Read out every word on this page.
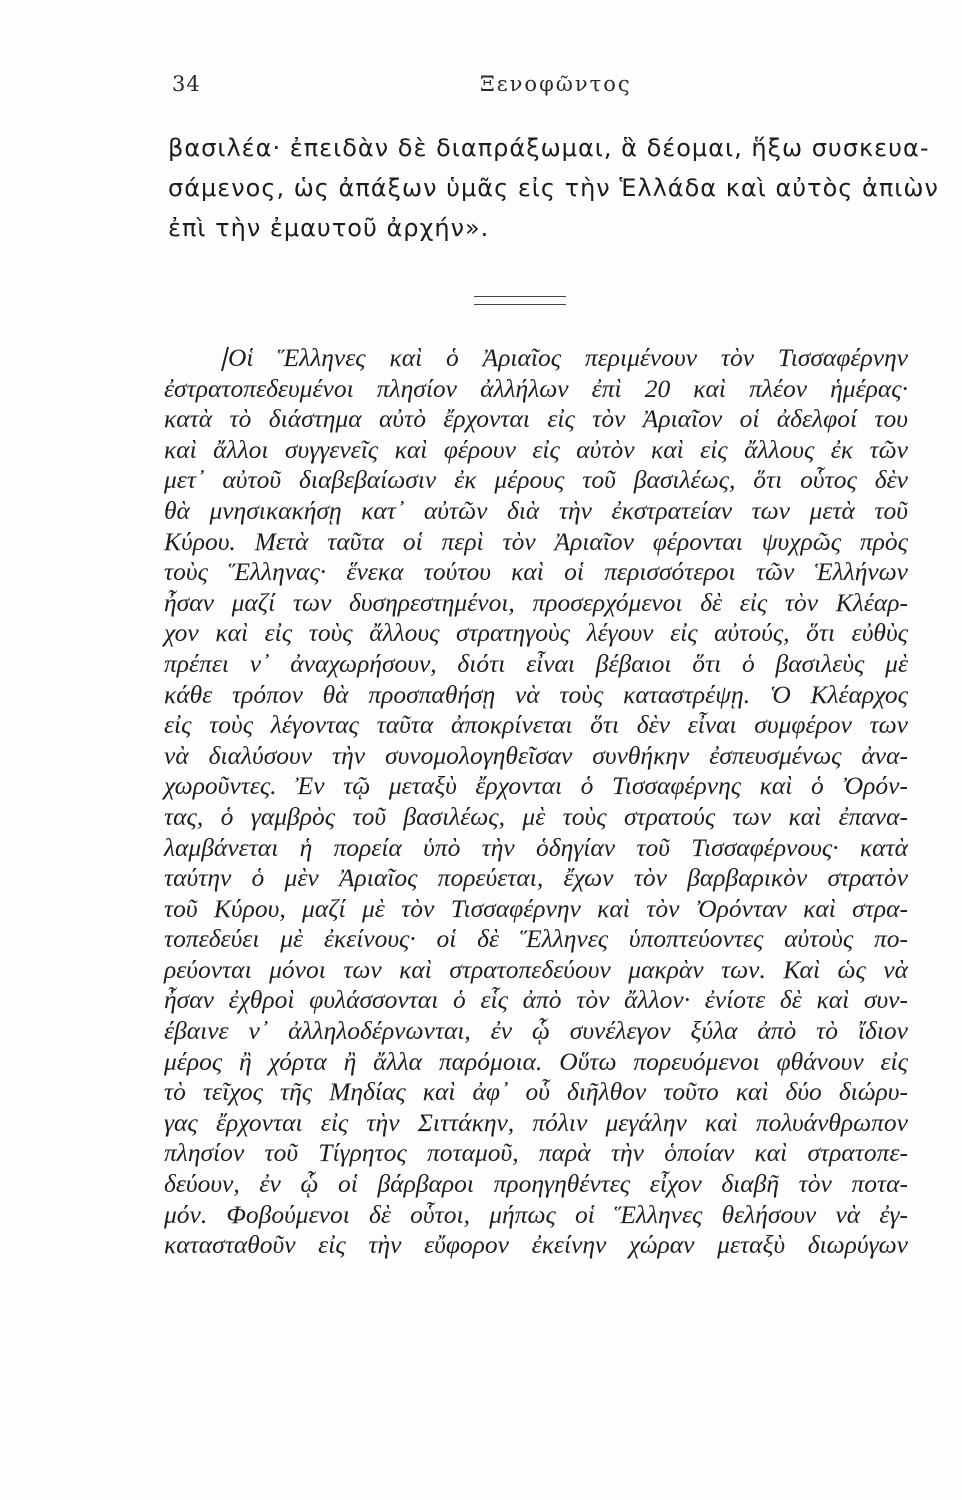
34	Ξενοφῶντος
βασιλέα· ἐπειδὰν δὲ διαπράξωμαι, ἃ δέομαι, ἥξω συσκευα-
σάμενος, ὡς ἀπάξων ὑμᾶς εἰς τὴν Ἑλλάδα καὶ αὐτὸς ἀπιὼν
ἐπὶ τὴν ἐμαυτοῦ ἀρχήν».
Οἱ Ἕλληνες καὶ ὁ Ἀριαῖος περιμένουν τὸν Τισσαφέρνην
ἐστρατοπεδευμένοι πλησίον ἀλλήλων ἐπὶ 20 καὶ πλέον ἡμέρας·
κατὰ τὸ διάστημα αὐτὸ ἔρχονται εἰς τὸν Ἀριαῖον οἱ ἀδελφοί του
καὶ ἄλλοι συγγενεῖς καὶ φέρουν εἰς αὐτὸν καὶ εἰς ἄλλους ἐκ τῶν
μετ᾽ αὐτοῦ διαβεβαίωσιν ἐκ μέρους τοῦ βασιλέως, ὅτι οὗτος δὲν
θὰ μνησικακήσῃ κατ᾽ αὐτῶν διὰ τὴν ἐκστρατείαν των μετὰ τοῦ
Κύρου. Μετὰ ταῦτα οἱ περὶ τὸν Ἀριαῖον φέρονται ψυχρῶς πρὸς
τοὺς Ἕλληνας· ἕνεκα τούτου καὶ οἱ περισσότεροι τῶν Ἑλλήνων
ἦσαν μαζί των δυσηρεστημένοι, προσερχόμενοι δὲ εἰς τὸν Κλέαρ-
χον καὶ εἰς τοὺς ἄλλους στρατηγοὺς λέγουν εἰς αὐτούς, ὅτι εὐθὺς
πρέπει ν᾽ ἀναχωρήσουν, διότι εἶναι βέβαιοι ὅτι ὁ βασιλεὺς μὲ
κάθε τρόπον θὰ προσπαθήσῃ νὰ τοὺς καταστρέψῃ. Ὁ Κλέαρχος
εἰς τοὺς λέγοντας ταῦτα ἀποκρίνεται ὅτι δὲν εἶναι συμφέρον των
νὰ διαλύσουν τὴν συνομολογηθεῖσαν συνθήκην ἐσπευσμένως ἀνα-
χωροῦντες. Ἐν τῷ μεταξὺ ἔρχονται ὁ Τισσαφέρνης καὶ ὁ Ὀρόν-
τας, ὁ γαμβρὸς τοῦ βασιλέως, μὲ τοὺς στρατούς των καὶ ἐπανα-
λαμβάνεται ἡ πορεία ὑπὸ τὴν ὁδηγίαν τοῦ Τισσαφέρνους· κατὰ
ταύτην ὁ μὲν Ἀριαῖος πορεύεται, ἔχων τὸν βαρβαρικὸν στρατὸν
τοῦ Κύρου, μαζί μὲ τὸν Τισσαφέρνην καὶ τὸν Ὀρόνταν καὶ στρα-
τοπεδεύει μὲ ἐκείνους· οἱ δὲ Ἕλληνες ὑποπτεύοντες αὐτοὺς πο-
ρεύονται μόνοι των καὶ στρατοπεδεύουν μακρὰν των. Καὶ ὡς νὰ
ἦσαν ἐχθροὶ φυλάσσονται ὁ εἷς ἀπὸ τὸν ἄλλον· ἐνίοτε δὲ καὶ συν-
έβαινε ν᾽ ἀλληλοδέρνωνται, ἐν ᾧ συνέλεγον ξύλα ἀπὸ τὸ ἴδιον
μέρος ἢ χόρτα ἢ ἄλλα παρόμοια. Οὕτω πορευόμενοι φθάνουν εἰς
τὸ τεῖχος τῆς Μηδίας καὶ ἀφ᾽ οὗ διῆλθον τοῦτο καὶ δύο διώρυ-
γας ἔρχονται εἰς τὴν Σιττάκην, πόλιν μεγάλην καὶ πολυάνθρωπον
πλησίον τοῦ Τίγρητος ποταμοῦ, παρὰ τὴν ὁποίαν καὶ στρατοπε-
δεύουν, ἐν ᾧ οἱ βάρβαροι προηγηθέντες εἶχον διαβῆ τὸν ποτα-
μόν. Φοβούμενοι δὲ οὗτοι, μήπως οἱ Ἕλληνες θελήσουν νὰ ἐγ-
κατασταθοῦν εἰς τὴν εὔφορον ἐκείνην χώραν μεταξὺ διωρύγων
